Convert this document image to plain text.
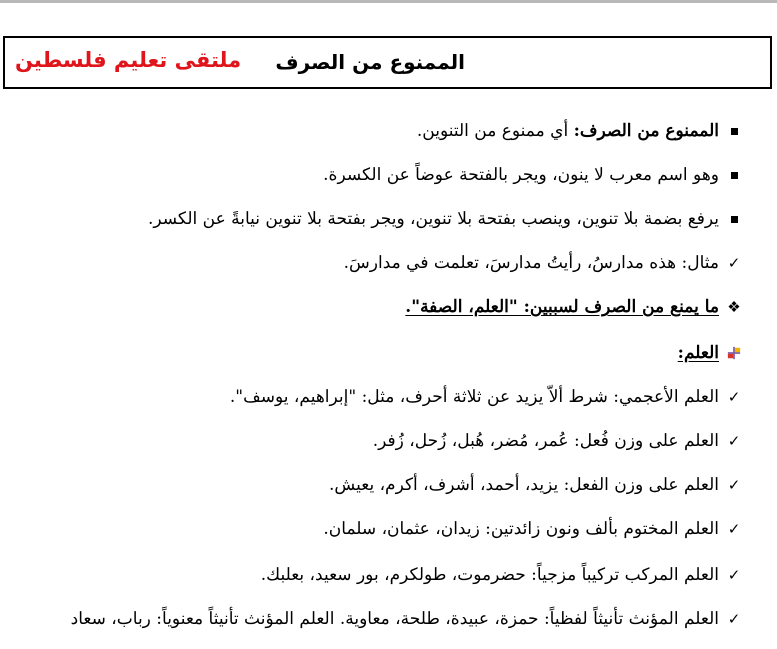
الممنوع من الصرف
ملتقى تعليم فلسطين
الممنوع من الصرف: أي ممنوع من التنوين.
وهو اسم معرب لا ينون، ويجر بالفتحة عوضاً عن الكسرة.
يرفع بضمة بلا تنوين، وينصب بفتحة بلا تنوين، ويجر بفتحة بلا تنوين نيابةً عن الكسر.
✓
مثال: هذه مدارسُ، رأيتُ مدارسَ، تعلمت في مدارسَ.
❖
ما يمنع من الصرف لسببين: "العلم، الصفة".
العلم:
✓
العلم الأعجمي: شرط ألاّ يزيد عن ثلاثة أحرف، مثل: "إبراهيم، يوسف".
✓
العلم على وزن فُعل: عُمر، مُضر، هُبل، زُحل، زُفر.
✓
العلم على وزن الفعل: يزيد، أحمد، أشرف، أكرم، يعيش.
✓
العلم المختوم بألف ونون زائدتين: زيدان، عثمان، سلمان.
✓
العلم المركب تركيباً مزجياً: حضرموت، طولكرم، بور سعيد، بعلبك.
✓
العلم المؤنث تأنيثاً لفظياً: حمزة، عبيدة، طلحة، معاوية. العلم المؤنث تأنيثاً معنوياً: رباب، سعاد
